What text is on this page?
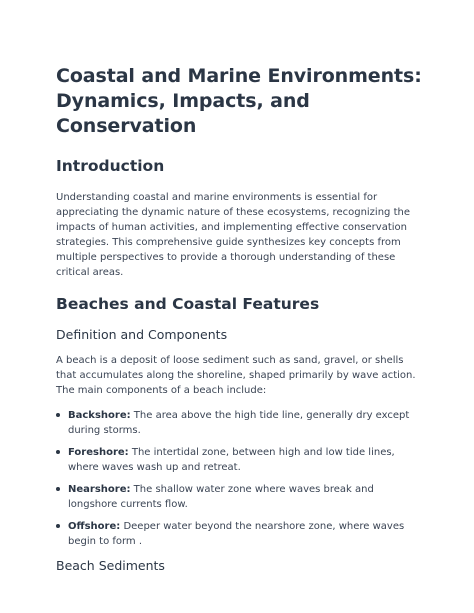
Coastal and Marine Environments: Dynamics, Impacts, and Conservation
Introduction

Understanding coastal and marine environments is essential for appreciating the dynamic nature of these ecosystems, recognizing the impacts of human activities, and implementing effective conservation strategies. This comprehensive guide synthesizes key concepts from multiple perspectives to provide a thorough understanding of these critical areas.

Beaches and Coastal Features
Definition and Components

A beach is a deposit of loose sediment such as sand, gravel, or shells that accumulates along the shoreline, shaped primarily by wave action. The main components of a beach include:

Backshore: The area above the high tide line, generally dry except during storms.
Foreshore: The intertidal zone, between high and low tide lines, where waves wash up and retreat.
Nearshore: The shallow water zone where waves break and longshore currents flow.
Offshore: Deeper water beyond the nearshore zone, where waves begin to form .
Beach Sediments
